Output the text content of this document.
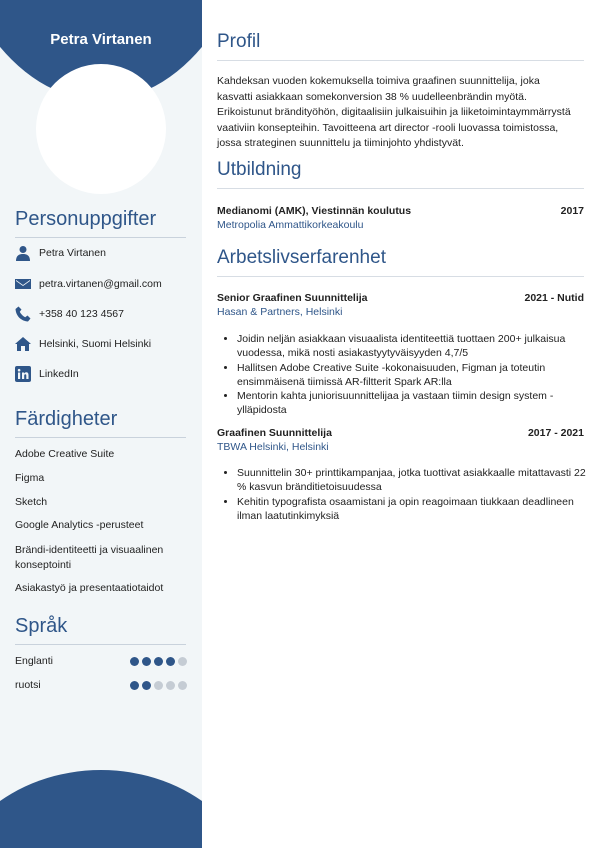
Petra Virtanen
Personuppgifter
Petra Virtanen
petra.virtanen@gmail.com
+358 40 123 4567
Helsinki, Suomi Helsinki
LinkedIn
Färdigheter
Adobe Creative Suite
Figma
Sketch
Google Analytics -perusteet
Brändi-identiteetti ja visuaalinen konseptointi
Asiakastyö ja presentaatiotaidot
Språk
Englanti
ruotsi
Profil
Kahdeksan vuoden kokemuksella toimiva graafinen suunnittelija, joka kasvatti asiakkaan somekonversion 38 % uudelleenbrändin myötä. Erikoistunut brändityöhön, digitaalisiin julkaisuihin ja liiketoimintaymmärrystä vaativiin konsepteihin. Tavoitteena art director -rooli luovassa toimistossa, jossa strateginen suunnittelu ja tiiminjohto yhdistyvät.
Utbildning
Medianomi (AMK), Viestinnän koulutus	2017
Metropolia Ammattikorkeakoulu
Arbetslivserfarenhet
Senior Graafinen Suunnittelija	2021 - Nutid
Hasan & Partners, Helsinki
• Joidin neljän asiakkaan visuaalista identiteettiä tuottaen 200+ julkaisua vuodessa, mikä nosti asiakastyytyväisyyden 4,7/5
• Hallitsen Adobe Creative Suite -kokonaisuuden, Figman ja toteutin ensimmäisenä tiimissä AR-filtterit Spark AR:lla
• Mentorin kahta juniorisuunnittelijaa ja vastaan tiimin design system -ylläpidosta
Graafinen Suunnittelija	2017 - 2021
TBWA Helsinki, Helsinki
• Suunnittelin 30+ printtikampanjaa, jotka tuottivat asiakkaalle mitattavasti 22 % kasvun bränditietoisuudessa
• Kehitin typografista osaamistani ja opin reagoimaan tiukkaan deadlineen ilman laatutinkimyksiä
